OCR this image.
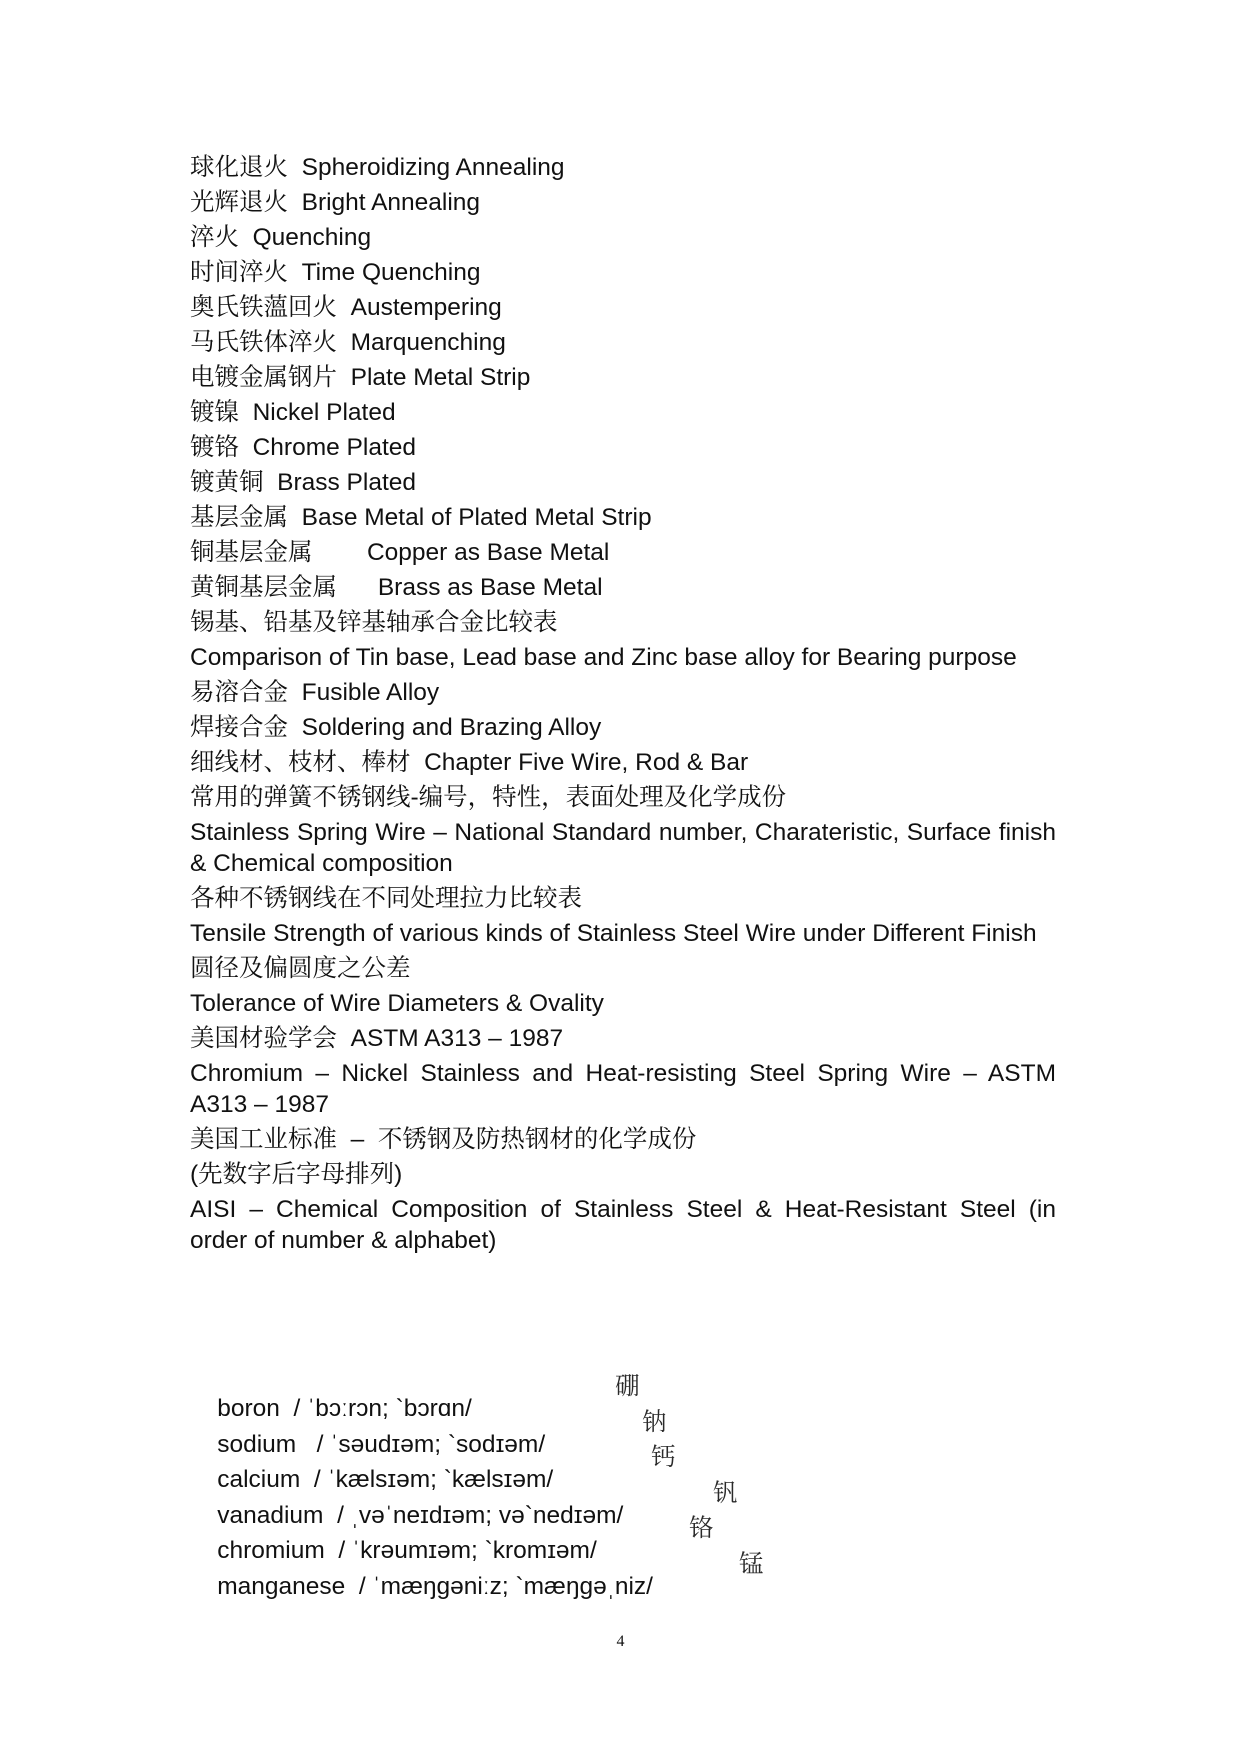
球化退火  Spheroidizing Annealing
光辉退火  Bright Annealing
淬火  Quenching
时间淬火  Time Quenching
奥氏铁薀回火  Austempering
马氏铁体淬火  Marquenching
电镀金属钢片  Plate Metal Strip
镀镍  Nickel Plated
镀铬  Chrome Plated
镀黄铜  Brass Plated
基层金属  Base Metal of Plated Metal Strip
铜基层金属        Copper as Base Metal
黄铜基层金属      Brass as Base Metal
锡基、铅基及锌基轴承合金比较表
Comparison of Tin base, Lead base and Zinc base alloy for Bearing purpose
易溶合金  Fusible Alloy
焊接合金  Soldering and Brazing Alloy
细线材、枝材、棒材  Chapter Five Wire, Rod & Bar
常用的弹簧不锈钢线-编号，特性，表面处理及化学成份
Stainless Spring Wire – National Standard number, Charateristic, Surface finish & Chemical composition
各种不锈钢线在不同处理拉力比较表
Tensile Strength of various kinds of Stainless Steel Wire under Different Finish
圆径及偏圆度之公差
Tolerance of Wire Diameters & Ovality
美国材验学会  ASTM A313 – 1987
Chromium – Nickel Stainless and Heat-resisting Steel Spring Wire – ASTM A313 – 1987
美国工业标准  –  不锈钢及防热钢材的化学成份
(先数字后字母排列)
AISI – Chemical Composition of Stainless Steel & Heat-Resistant Steel (in order of number & alphabet)

boron  / ˈbɔːrɔn; `bɔrɑn/

硼

sodium   / ˈsəudɪəm; `sodɪəm/

钠

calcium  / ˈkælsɪəm; `kælsɪəm/

钙

vanadium  / ˌvəˈneɪdɪəm; və`nedɪəm/

钒

chromium  / ˈkrəumɪəm; `kromɪəm/

铬

manganese  / ˈmæŋgəniːz; `mæŋgəˌniz/

锰

4
